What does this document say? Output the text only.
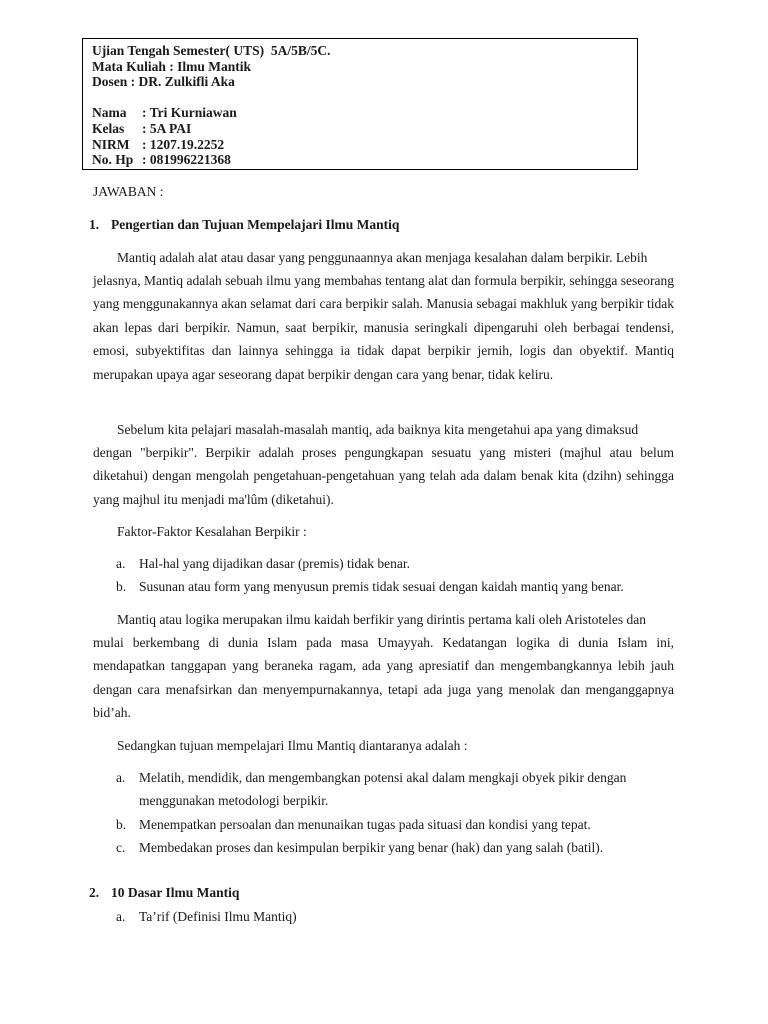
Ujian Tengah Semester( UTS)  5A/5B/5C.
Mata Kuliah : Ilmu Mantik
Dosen : DR. Zulkifli Aka
Nama	: Tri Kurniawan
Kelas	: 5A PAI
NIRM : 1207.19.2252
No. Hp : 081996221368
JAWABAN :
1. Pengertian dan Tujuan Mempelajari Ilmu Mantiq
Mantiq adalah alat atau dasar yang penggunaannya akan menjaga kesalahan dalam berpikir. Lebih
jelasnya, Mantiq adalah sebuah ilmu yang membahas tentang alat dan formula berpikir, sehingga seseorang yang menggunakannya akan selamat dari cara berpikir salah. Manusia sebagai makhluk yang berpikir tidak akan lepas dari berpikir. Namun, saat berpikir, manusia seringkali dipengaruhi oleh berbagai tendensi, emosi, subyektifitas dan lainnya sehingga ia tidak dapat berpikir jernih, logis dan obyektif. Mantiq merupakan upaya agar seseorang dapat berpikir dengan cara yang benar, tidak keliru.
Sebelum kita pelajari masalah-masalah mantiq, ada baiknya kita mengetahui apa yang dimaksud
dengan "berpikir". Berpikir adalah proses pengungkapan sesuatu yang misteri (majhul atau belum diketahui) dengan mengolah pengetahuan-pengetahuan yang telah ada dalam benak kita (dzihn) sehingga yang majhul itu menjadi ma'lûm (diketahui).
Faktor-Faktor Kesalahan Berpikir :
a. Hal-hal yang dijadikan dasar (premis) tidak benar.
b. Susunan atau form yang menyusun premis tidak sesuai dengan kaidah mantiq yang benar.
Mantiq atau logika merupakan ilmu kaidah berfikir yang dirintis pertama kali oleh Aristoteles dan
mulai berkembang di dunia Islam pada masa Umayyah. Kedatangan logika di dunia Islam ini, mendapatkan tanggapan yang beraneka ragam, ada yang apresiatif dan mengembangkannya lebih jauh dengan cara menafsirkan dan menyempurnakannya, tetapi ada juga yang menolak dan menganggapnya bid’ah.
Sedangkan tujuan mempelajari Ilmu Mantiq diantaranya adalah :
a. Melatih, mendidik, dan mengembangkan potensi akal dalam mengkaji obyek pikir dengan
menggunakan metodologi berpikir.
b. Menempatkan persoalan dan menunaikan tugas pada situasi dan kondisi yang tepat.
c. Membedakan proses dan kesimpulan berpikir yang benar (hak) dan yang salah (batil).
2. 10 Dasar Ilmu Mantiq
a. Ta’rif (Definisi Ilmu Mantiq)
